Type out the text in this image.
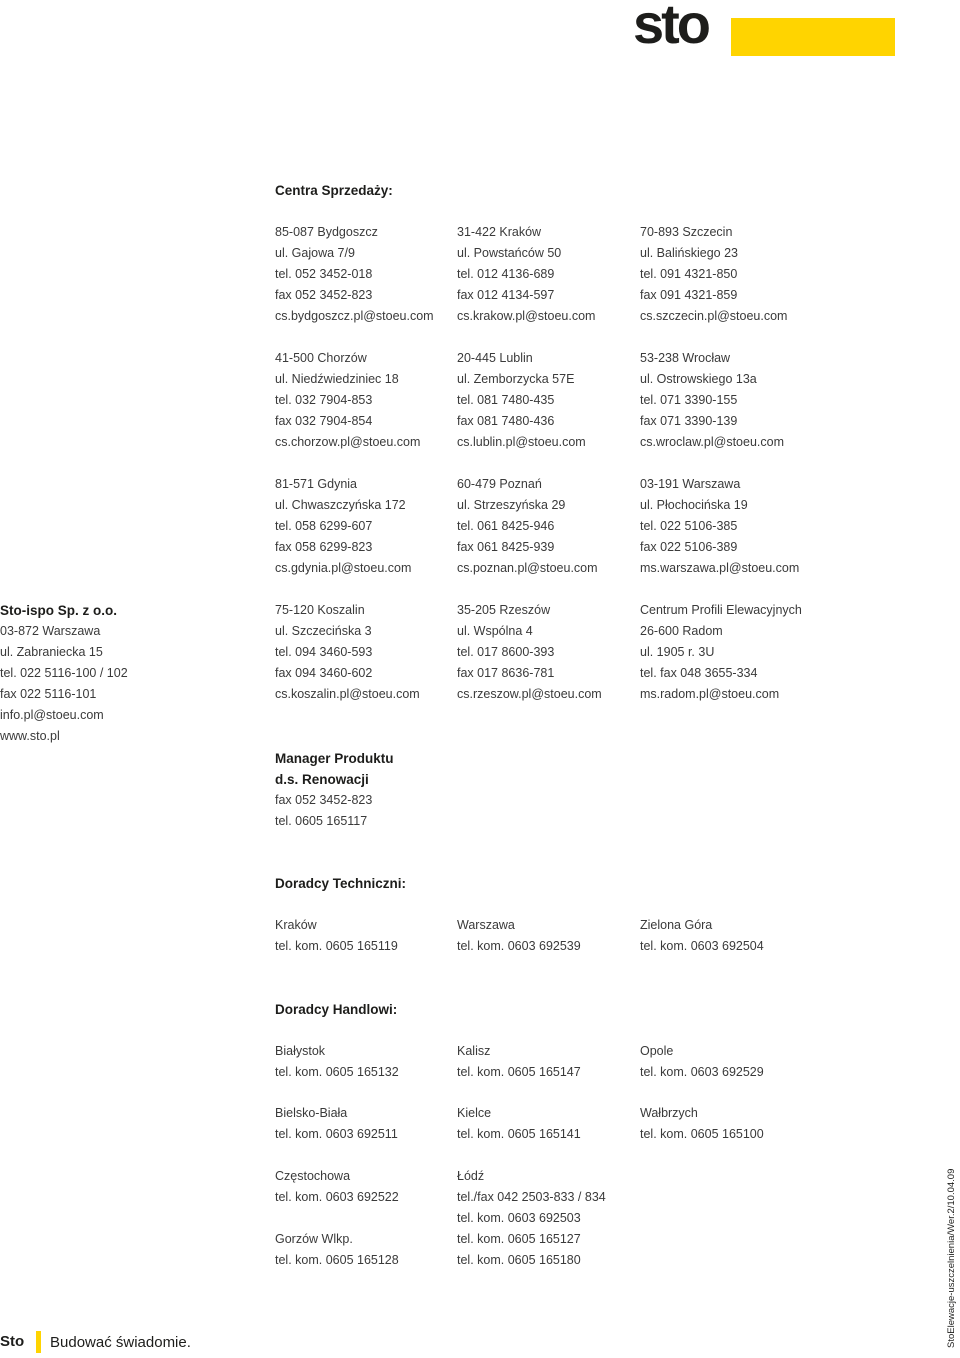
sto
Centra Sprzedaży:
85-087 Bydgoszcz
ul. Gajowa 7/9
tel. 052 3452-018
fax 052 3452-823
cs.bydgoszcz.pl@stoeu.com
31-422 Kraków
ul. Powstańców 50
tel. 012 4136-689
fax 012 4134-597
cs.krakow.pl@stoeu.com
70-893 Szczecin
ul. Balińskiego 23
tel. 091 4321-850
fax 091 4321-859
cs.szczecin.pl@stoeu.com
41-500 Chorzów
ul. Niedźwiedziniec 18
tel. 032 7904-853
fax 032 7904-854
cs.chorzow.pl@stoeu.com
20-445 Lublin
ul. Zemborzycka 57E
tel. 081 7480-435
fax 081 7480-436
cs.lublin.pl@stoeu.com
53-238 Wrocław
ul. Ostrowskiego 13a
tel. 071 3390-155
fax 071 3390-139
cs.wroclaw.pl@stoeu.com
81-571 Gdynia
ul. Chwaszczyńska 172
tel. 058 6299-607
fax 058 6299-823
cs.gdynia.pl@stoeu.com
60-479 Poznań
ul. Strzeszyńska 29
tel. 061 8425-946
fax 061 8425-939
cs.poznan.pl@stoeu.com
03-191 Warszawa
ul. Płochocińska 19
tel. 022 5106-385
fax 022 5106-389
ms.warszawa.pl@stoeu.com
75-120 Koszalin
ul. Szczecińska 3
tel. 094 3460-593
fax 094 3460-602
cs.koszalin.pl@stoeu.com
35-205 Rzeszów
ul. Wspólna 4
tel. 017 8600-393
fax 017 8636-781
cs.rzeszow.pl@stoeu.com
Centrum Profili Elewacyjnych
26-600 Radom
ul. 1905 r. 3U
tel. fax 048 3655-334
ms.radom.pl@stoeu.com
Sto-ispo Sp. z o.o.
03-872 Warszawa
ul. Zabraniecka 15
tel. 022 5116-100 / 102
fax 022 5116-101
info.pl@stoeu.com
www.sto.pl
Manager Produktu
d.s. Renowacji
fax 052 3452-823
tel. 0605 165117
Doradcy Techniczni:
Kraków
tel. kom. 0605 165119
Warszawa
tel. kom. 0603 692539
Zielona Góra
tel. kom. 0603 692504
Doradcy Handlowi:
Białystok
tel. kom. 0605 165132
Kalisz
tel. kom. 0605 165147
Opole
tel. kom. 0603 692529
Bielsko-Biała
tel. kom. 0603 692511
Kielce
tel. kom. 0605 165141
Wałbrzych
tel. kom. 0605 165100
Częstochowa
tel. kom. 0603 692522
Łódź
tel./fax 042 2503-833 / 834
tel. kom. 0603 692503
tel. kom. 0605 165127
tel. kom. 0605 165180
Gorzów Wlkp.
tel. kom. 0605 165128
Sto Budować świadomie.	StoElewacje-uszczelnienia/Wer.2/10.04.09
